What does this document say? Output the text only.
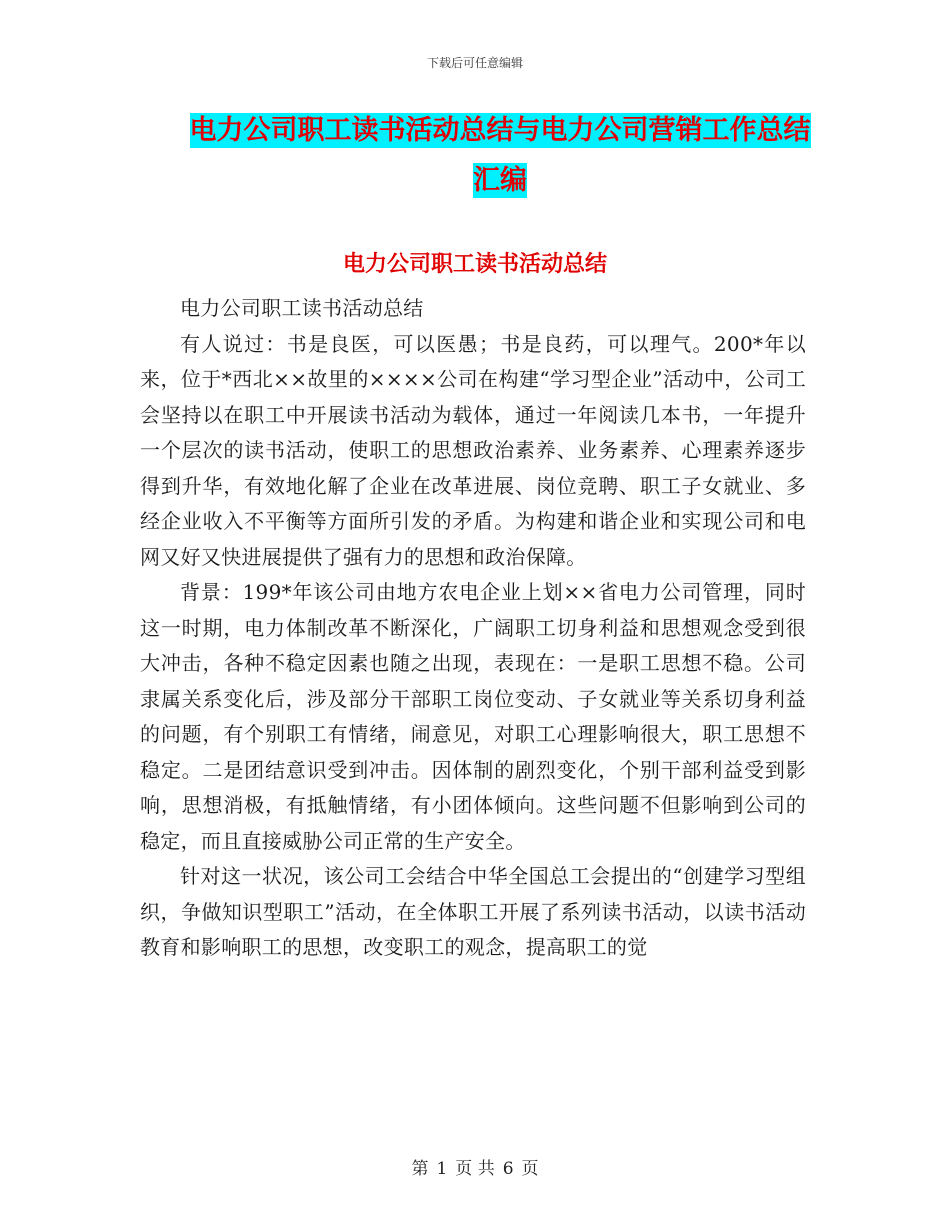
下载后可任意编辑
电力公司职工读书活动总结与电力公司营销工作总结
汇编
电力公司职工读书活动总结

电力公司职工读书活动总结

有人说过：书是良医，可以医愚；书是良药，可以理气。200*年以来，位于*西北××故里的××××公司在构建“学习型企业”活动中，公司工会坚持以在职工中开展读书活动为载体，通过一年阅读几本书，一年提升一个层次的读书活动，使职工的思想政治素养、业务素养、心理素养逐步得到升华，有效地化解了企业在改革进展、岗位竞聘、职工子女就业、多经企业收入不平衡等方面所引发的矛盾。为构建和谐企业和实现公司和电网又好又快进展提供了强有力的思想和政治保障。

背景：199*年该公司由地方农电企业上划××省电力公司管理，同时这一时期，电力体制改革不断深化，广阔职工切身利益和思想观念受到很大冲击，各种不稳定因素也随之出现，表现在：一是职工思想不稳。公司隶属关系变化后，涉及部分干部职工岗位变动、子女就业等关系切身利益的问题，有个别职工有情绪，闹意见，对职工心理影响很大，职工思想不稳定。二是团结意识受到冲击。因体制的剧烈变化，个别干部利益受到影响，思想消极，有抵触情绪，有小团体倾向。这些问题不但影响到公司的稳定，而且直接威胁公司正常的生产安全。

针对这一状况，该公司工会结合中华全国总工会提出的“创建学习型组织，争做知识型职工”活动，在全体职工开展了系列读书活动，以读书活动教育和影响职工的思想，改变职工的观念，提高职工的觉

第 1 页 共 6 页
